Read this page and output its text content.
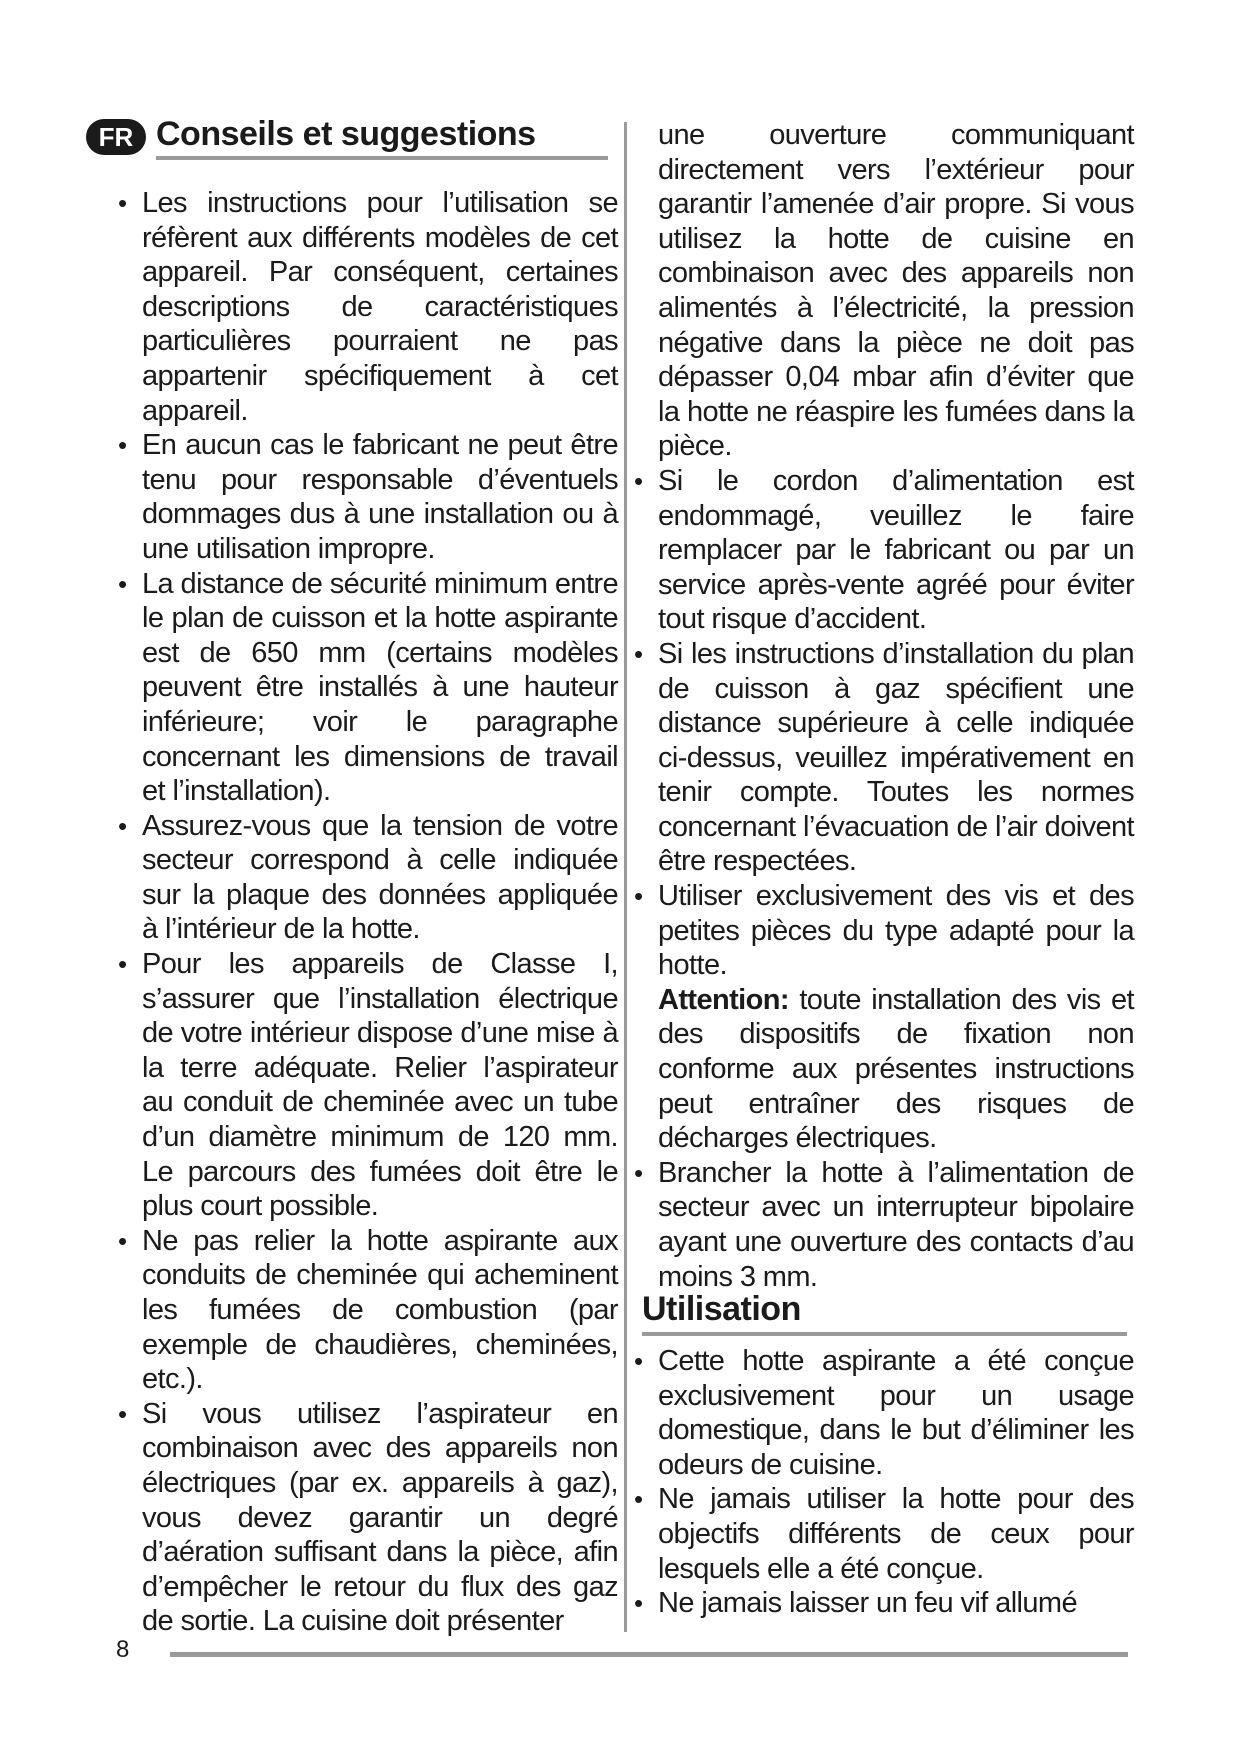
FR Conseils et suggestions
• Les instructions pour l’utilisation se réfèrent aux différents modèles de cet appareil. Par conséquent, certaines descriptions de caractéristiques particulières pourraient ne pas appartenir spécifiquement à cet appareil.
• En aucun cas le fabricant ne peut être tenu pour responsable d’éventuels dommages dus à une installation ou à une utilisation impropre.
• La distance de sécurité minimum entre le plan de cuisson et la hotte aspirante est de 650 mm (certains modèles peuvent être installés à une hauteur inférieure; voir le paragraphe concernant les dimensions de travail et l’installation).
• Assurez-vous que la tension de votre secteur correspond à celle indiquée sur la plaque des données appliquée à l’intérieur de la hotte.
• Pour les appareils de Classe I, s’assurer que l’installation électrique de votre intérieur dispose d’une mise à la terre adéquate. Relier l’aspirateur au conduit de cheminée avec un tube d’un diamètre minimum de 120 mm. Le parcours des fumées doit être le plus court possible.
• Ne pas relier la hotte aspirante aux conduits de cheminée qui acheminent les fumées de combustion (par exemple de chaudières, cheminées, etc.).
• Si vous utilisez l’aspirateur en combinaison avec des appareils non électriques (par ex. appareils à gaz), vous devez garantir un degré d’aération suffisant dans la pièce, afin d’empêcher le retour du flux des gaz de sortie. La cuisine doit présenter
une ouverture communiquant directement vers l’extérieur pour garantir l’amenée d’air propre. Si vous utilisez la hotte de cuisine en combinaison avec des appareils non alimentés à l’électricité, la pression négative dans la pièce ne doit pas dépasser 0,04 mbar afin d’éviter que la hotte ne réaspire les fumées dans la pièce.
• Si le cordon d’alimentation est endommagé, veuillez le faire remplacer par le fabricant ou par un service après-vente agréé pour éviter tout risque d’accident.
• Si les instructions d’installation du plan de cuisson à gaz spécifient une distance supérieure à celle indiquée ci-dessus, veuillez impérativement en tenir compte. Toutes les normes concernant l’évacuation de l’air doivent être respectées.
• Utiliser exclusivement des vis et des petites pièces du type adapté pour la hotte.
Attention: toute installation des vis et des dispositifs de fixation non conforme aux présentes instructions peut entraîner des risques de décharges électriques.
• Brancher la hotte à l’alimentation de secteur avec un interrupteur bipolaire ayant une ouverture des contacts d’au moins 3 mm.
Utilisation
• Cette hotte aspirante a été conçue exclusivement pour un usage domestique, dans le but d’éliminer les odeurs de cuisine.
• Ne jamais utiliser la hotte pour des objectifs différents de ceux pour lesquels elle a été conçue.
• Ne jamais laisser un feu vif allumé
8
